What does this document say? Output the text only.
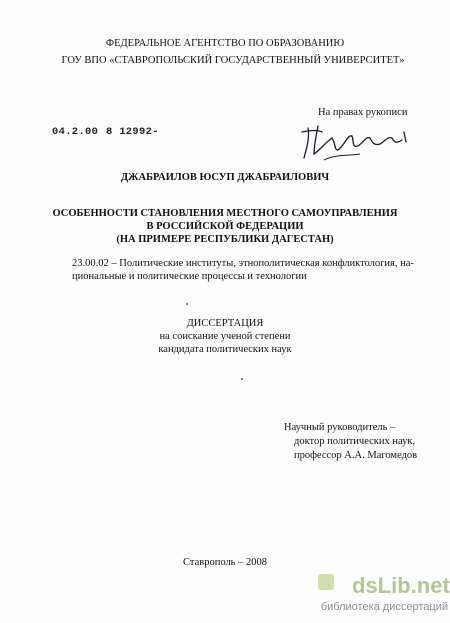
ФЕДЕРАЛЬНОЕ АГЕНТСТВО ПО ОБРАЗОВАНИЮ
ГОУ ВПО «СТАВРОПОЛЬСКИЙ ГОСУДАРСТВЕННЫЙ УНИВЕРСИТЕТ»
На правах рукописи
04.2.00 8 12992-
ДЖАБРАИЛОВ ЮСУП ДЖАБРАИЛОВИЧ
ОСОБЕННОСТИ СТАНОВЛЕНИЯ МЕСТНОГО САМОУПРАВЛЕНИЯ
В РОССИЙСКОЙ ФЕДЕРАЦИИ
(НА ПРИМЕРЕ РЕСПУБЛИКИ ДАГЕСТАН)
23.00.02 – Политические институты, этнополитическая конфликтология, на-
циональные и политические процессы и технологии
ДИССЕРТАЦИЯ
на соискание ученой степени
кандидата политических наук
Научный руководитель –
доктор политических наук,
профессор А.А. Магомедов
Ставрополь – 2008
dsLib.net
библиотека диссертаций
